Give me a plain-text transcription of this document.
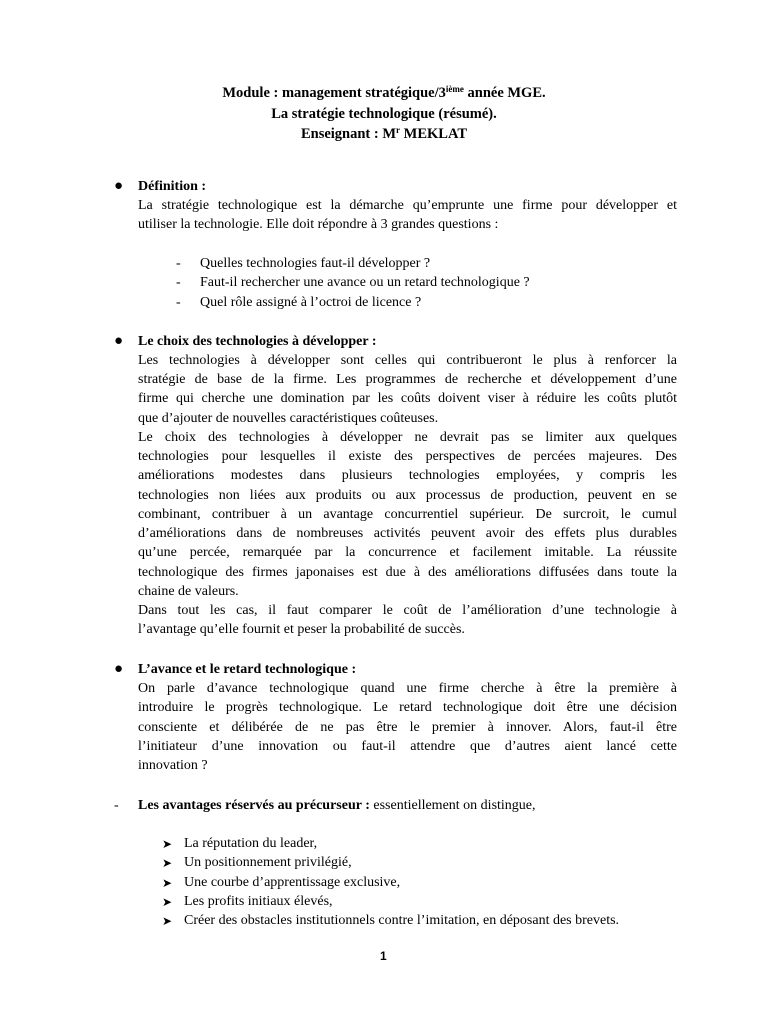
Module : management stratégique/3ième année MGE.
La stratégie technologique (résumé).
Enseignant : $M^r$ MEKLAT
● Définition :
La stratégie technologique est la démarche qu’emprunte une firme pour développer et
utiliser la technologie. Elle doit répondre à 3 grandes questions :
- Quelles technologies faut-il développer ?
- Faut-il rechercher une avance ou un retard technologique ?
- Quel rôle assigné à l’octroi de licence ?
● Le choix des technologies à développer :
Les technologies à développer sont celles qui contribueront le plus à renforcer la
stratégie de base de la firme. Les programmes de recherche et développement d’une
firme qui cherche une domination par les coûts doivent viser à réduire les coûts plutôt
que d’ajouter de nouvelles caractéristiques coûteuses.
Le choix des technologies à développer ne devrait pas se limiter aux quelques
technologies pour lesquelles il existe des perspectives de percées majeures. Des
améliorations modestes dans plusieurs technologies employées, y compris les
technologies non liées aux produits ou aux processus de production, peuvent en se
combinant, contribuer à un avantage concurrentiel supérieur. De surcroit, le cumul
d’améliorations dans de nombreuses activités peuvent avoir des effets plus durables
qu’une percée, remarquée par la concurrence et facilement imitable. La réussite
technologique des firmes japonaises est due à des améliorations diffusées dans toute la
chaine de valeurs.
Dans tout les cas, il faut comparer le coût de l’amélioration d’une technologie à
l’avantage qu’elle fournit et peser la probabilité de succès.
● L’avance et le retard technologique :
On parle d’avance technologique quand une firme cherche à être la première à
introduire le progrès technologique. Le retard technologique doit être une décision
consciente et délibérée de ne pas être le premier à innover. Alors, faut-il être
l’initiateur d’une innovation ou faut-il attendre que d’autres aient lancé cette
innovation ?
- Les avantages réservés au précurseur : essentiellement on distingue,
➤ La réputation du leader,
➤ Un positionnement privilégié,
➤ Une courbe d’apprentissage exclusive,
➤ Les profits initiaux élevés,
➤ Créer des obstacles institutionnels contre l’imitation, en déposant des brevets.
1
